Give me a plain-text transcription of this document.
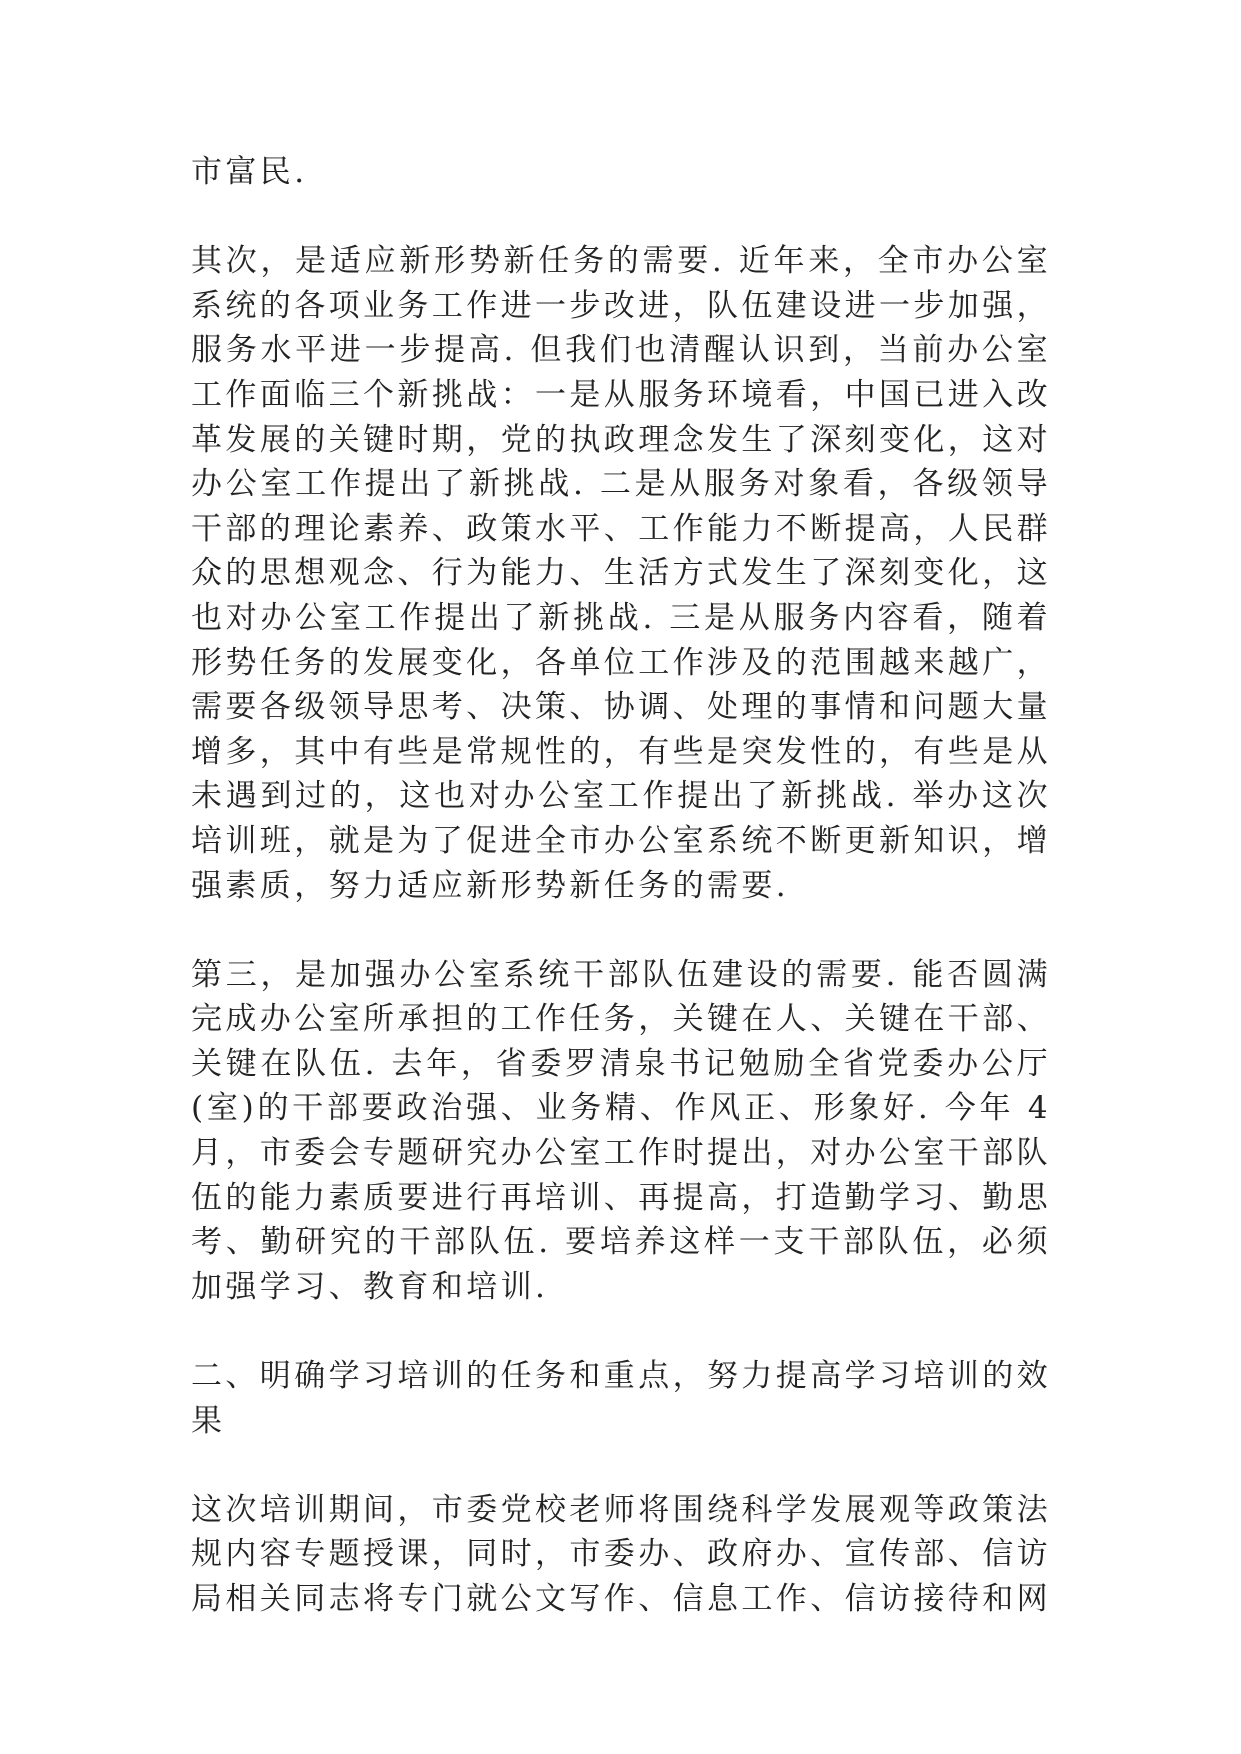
市富民.

其次，是适应新形势新任务的需要. 近年来，全市办公室系统的各项业务工作进一步改进，队伍建设进一步加强，服务水平进一步提高. 但我们也清醒认识到，当前办公室工作面临三个新挑战：一是从服务环境看，中国已进入改革发展的关键时期，党的执政理念发生了深刻变化，这对办公室工作提出了新挑战. 二是从服务对象看，各级领导干部的理论素养、政策水平、工作能力不断提高，人民群众的思想观念、行为能力、生活方式发生了深刻变化，这也对办公室工作提出了新挑战. 三是从服务内容看，随着形势任务的发展变化，各单位工作涉及的范围越来越广，需要各级领导思考、决策、协调、处理的事情和问题大量增多，其中有些是常规性的，有些是突发性的，有些是从未遇到过的，这也对办公室工作提出了新挑战. 举办这次培训班，就是为了促进全市办公室系统不断更新知识，增强素质，努力适应新形势新任务的需要.

第三，是加强办公室系统干部队伍建设的需要. 能否圆满完成办公室所承担的工作任务，关键在人、关键在干部、关键在队伍. 去年，省委罗清泉书记勉励全省党委办公厅(室)的干部要政治强、业务精、作风正、形象好. 今年 4 月，市委会专题研究办公室工作时提出，对办公室干部队伍的能力素质要进行再培训、再提高，打造勤学习、勤思考、勤研究的干部队伍. 要培养这样一支干部队伍，必须加强学习、教育和培训.

二、明确学习培训的任务和重点，努力提高学习培训的效果

这次培训期间，市委党校老师将围绕科学发展观等政策法规内容专题授课，同时，市委办、政府办、宣传部、信访局相关同志将专门就公文写作、信息工作、信访接待和网
